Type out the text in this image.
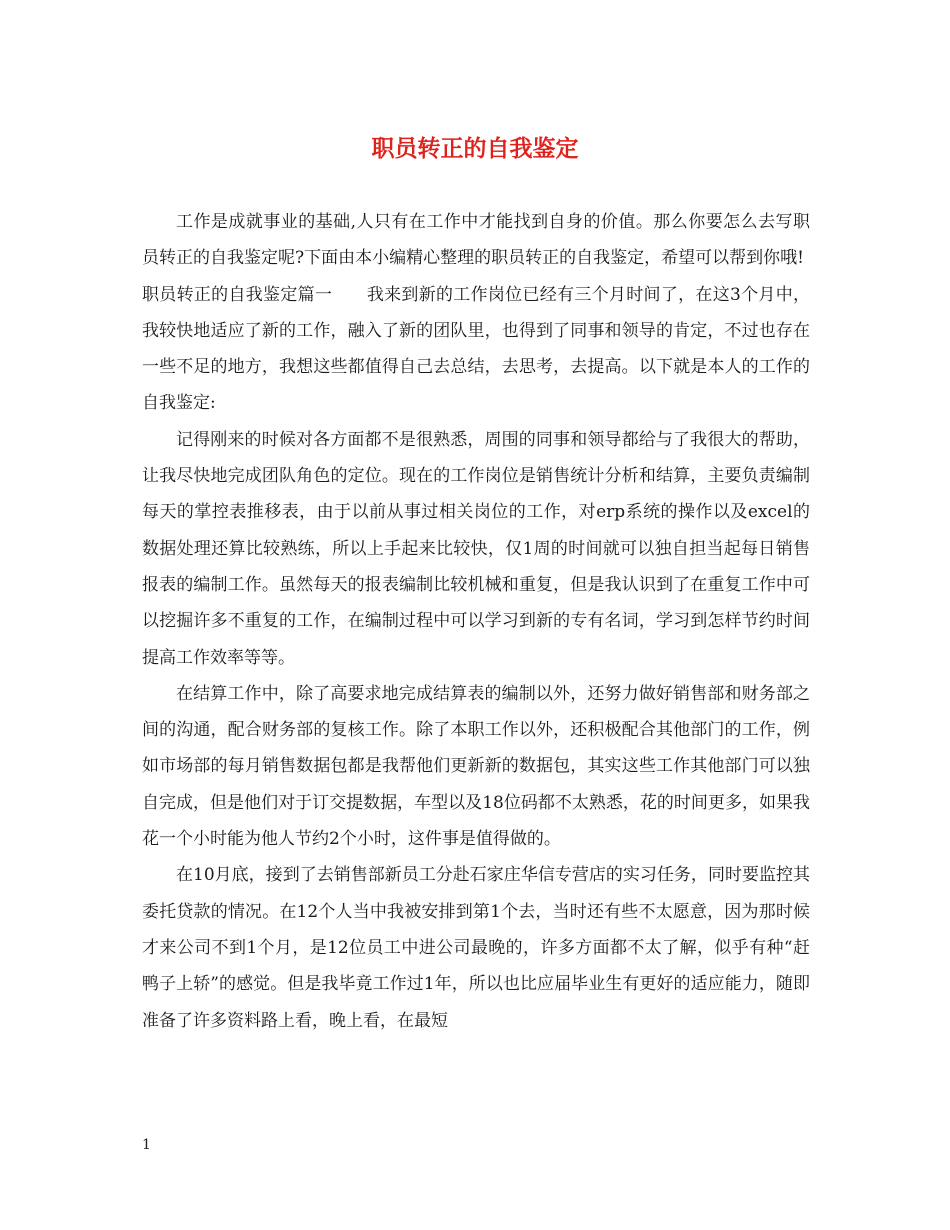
职员转正的自我鉴定

工作是成就事业的基础,人只有在工作中才能找到自身的价值。那么你要怎么去写职员转正的自我鉴定呢?下面由本小编精心整理的职员转正的自我鉴定，希望可以帮到你哦!

职员转正的自我鉴定篇一　　我来到新的工作岗位已经有三个月时间了，在这3个月中，我较快地适应了新的工作，融入了新的团队里，也得到了同事和领导的肯定，不过也存在一些不足的地方，我想这些都值得自己去总结，去思考，去提高。以下就是本人的工作的自我鉴定:

记得刚来的时候对各方面都不是很熟悉，周围的同事和领导都给与了我很大的帮助，让我尽快地完成团队角色的定位。现在的工作岗位是销售统计分析和结算，主要负责编制每天的掌控表推移表，由于以前从事过相关岗位的工作，对erp系统的操作以及excel的数据处理还算比较熟练，所以上手起来比较快，仅1周的时间就可以独自担当起每日销售报表的编制工作。虽然每天的报表编制比较机械和重复，但是我认识到了在重复工作中可以挖掘许多不重复的工作，在编制过程中可以学习到新的专有名词，学习到怎样节约时间提高工作效率等等。

在结算工作中，除了高要求地完成结算表的编制以外，还努力做好销售部和财务部之间的沟通，配合财务部的复核工作。除了本职工作以外，还积极配合其他部门的工作，例如市场部的每月销售数据包都是我帮他们更新新的数据包，其实这些工作其他部门可以独自完成，但是他们对于订交提数据，车型以及18位码都不太熟悉，花的时间更多，如果我花一个小时能为他人节约2个小时，这件事是值得做的。

在10月底，接到了去销售部新员工分赴石家庄华信专营店的实习任务，同时要监控其委托贷款的情况。在12个人当中我被安排到第1个去，当时还有些不太愿意，因为那时候才来公司不到1个月，是12位员工中进公司最晚的，许多方面都不太了解，似乎有种“赶鸭子上轿”的感觉。但是我毕竟工作过1年，所以也比应届毕业生有更好的适应能力，随即准备了许多资料路上看，晚上看，在最短

1
